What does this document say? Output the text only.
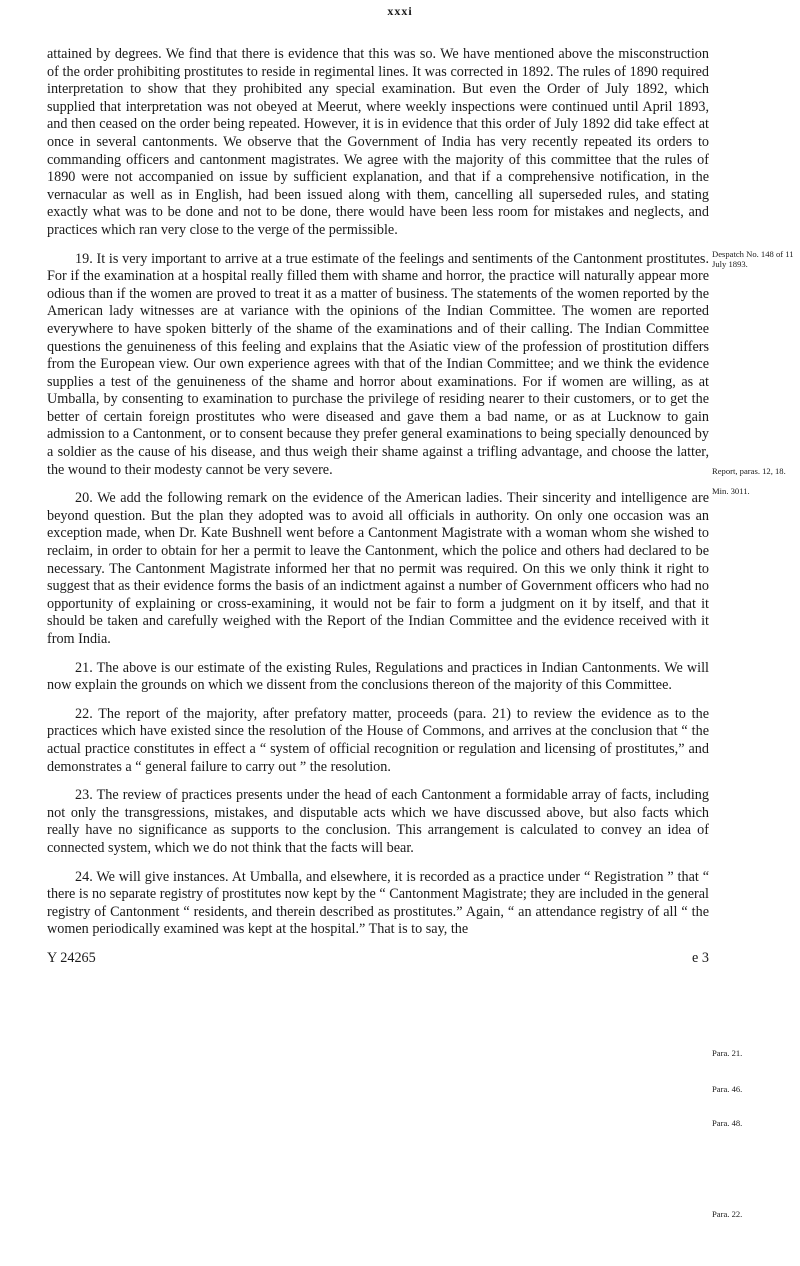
xxxi

attained by degrees. We find that there is evidence that this was so. We have mentioned above the misconstruction of the order prohibiting prostitutes to reside in regimental lines. It was corrected in 1892. The rules of 1890 required interpretation to show that they prohibited any special examination. But even the Order of July 1892, which supplied that interpretation was not obeyed at Meerut, where weekly inspections were continued until April 1893, and then ceased on the order being repeated. However, it is in evidence that this order of July 1892 did take effect at once in several cantonments. We observe that the Government of India has very recently repeated its orders to commanding officers and cantonment magistrates. We agree with the majority of this committee that the rules of 1890 were not accompanied on issue by sufficient explanation, and that if a comprehensive notification, in the vernacular as well as in English, had been issued along with them, cancelling all superseded rules, and stating exactly what was to be done and not to be done, there would have been less room for mistakes and neglects, and practices which ran very close to the verge of the permissible.

19. It is very important to arrive at a true estimate of the feelings and sentiments of the Cantonment prostitutes. For if the examination at a hospital really filled them with shame and horror, the practice will naturally appear more odious than if the women are proved to treat it as a matter of business. The statements of the women reported by the American lady witnesses are at variance with the opinions of the Indian Committee. The women are reported everywhere to have spoken bitterly of the shame of the examinations and of their calling. The Indian Committee questions the genuineness of this feeling and explains that the Asiatic view of the profession of prostitution differs from the European view. Our own experience agrees with that of the Indian Committee; and we think the evidence supplies a test of the genuineness of the shame and horror about examinations. For if women are willing, as at Umballa, by consenting to examination to purchase the privilege of residing nearer to their customers, or to get the better of certain foreign prostitutes who were diseased and gave them a bad name, or as at Lucknow to gain admission to a Cantonment, or to consent because they prefer general examinations to being specially denounced by a soldier as the cause of his disease, and thus weigh their shame against a trifling advantage, and choose the latter, the wound to their modesty cannot be very severe.

20. We add the following remark on the evidence of the American ladies. Their sincerity and intelligence are beyond question. But the plan they adopted was to avoid all officials in authority. On only one occasion was an exception made, when Dr. Kate Bushnell went before a Cantonment Magistrate with a woman whom she wished to reclaim, in order to obtain for her a permit to leave the Cantonment, which the police and others had declared to be necessary. The Cantonment Magistrate informed her that no permit was required. On this we only think it right to suggest that as their evidence forms the basis of an indictment against a number of Government officers who had no opportunity of explaining or cross-examining, it would not be fair to form a judgment on it by itself, and that it should be taken and carefully weighed with the Report of the Indian Committee and the evidence received with it from India.

21. The above is our estimate of the existing Rules, Regulations and practices in Indian Cantonments. We will now explain the grounds on which we dissent from the conclusions thereon of the majority of this Committee.

22. The report of the majority, after prefatory matter, proceeds (para. 21) to review the evidence as to the practices which have existed since the resolution of the House of Commons, and arrives at the conclusion that “ the actual practice constitutes in effect a “ system of official recognition or regulation and licensing of prostitutes,” and demonstrates a “ general failure to carry out ” the resolution.

23. The review of practices presents under the head of each Cantonment a formidable array of facts, including not only the transgressions, mistakes, and disputable acts which we have discussed above, but also facts which really have no significance as supports to the conclusion. This arrangement is calculated to convey an idea of connected system, which we do not think that the facts will bear.

24. We will give instances. At Umballa, and elsewhere, it is recorded as a practice under “ Registration ” that “ there is no separate registry of prostitutes now kept by the “ Cantonment Magistrate; they are included in the general registry of Cantonment “ residents, and therein described as prostitutes.” Again, “ an attendance registry of all “ the women periodically examined was kept at the hospital.” That is to say, the

Y 24265	e 3
Despatch No. 148 of 11 July 1893.
Report, paras. 12, 18.
Min. 3011.
Para. 21.
Para. 46.
Para. 48.
Para. 22.
